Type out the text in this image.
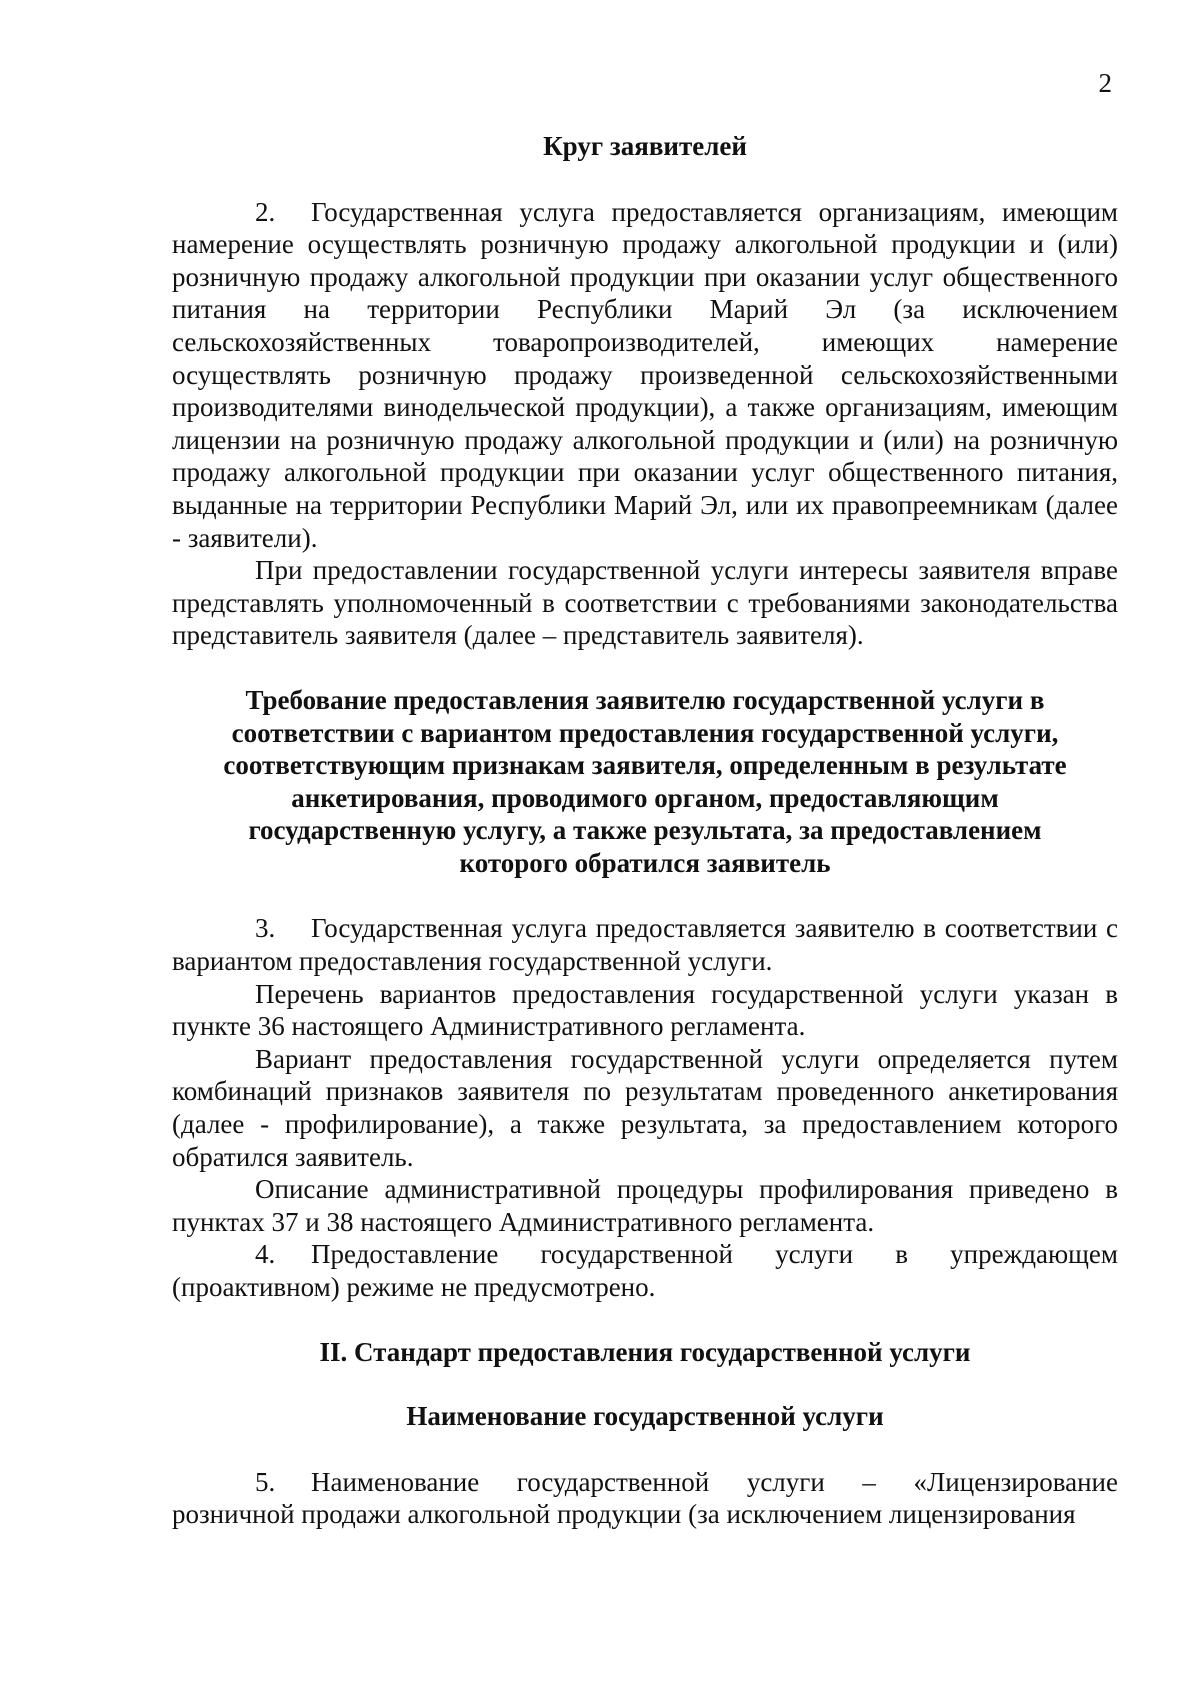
2

Круг заявителей

2. Государственная услуга предоставляется организациям, имеющим намерение осуществлять розничную продажу алкогольной продукции и (или) розничную продажу алкогольной продукции при оказании услуг общественного питания на территории Республики Марий Эл (за исключением сельскохозяйственных товаропроизводителей, имеющих намерение осуществлять розничную продажу произведенной сельскохозяйственными производителями винодельческой продукции), а также организациям, имеющим лицензии на розничную продажу алкогольной продукции и (или) на розничную продажу алкогольной продукции при оказании услуг общественного питания, выданные на территории Республики Марий Эл, или их правопреемникам (далее - заявители).

При предоставлении государственной услуги интересы заявителя вправе представлять уполномоченный в соответствии с требованиями законодательства представитель заявителя (далее – представитель заявителя).

Требование предоставления заявителю государственной услуги в соответствии с вариантом предоставления государственной услуги, соответствующим признакам заявителя, определенным в результате анкетирования, проводимого органом, предоставляющим государственную услугу, а также результата, за предоставлением которого обратился заявитель

3. Государственная услуга предоставляется заявителю в соответствии с вариантом предоставления государственной услуги.

Перечень вариантов предоставления государственной услуги указан в пункте 36 настоящего Административного регламента.

Вариант предоставления государственной услуги определяется путем комбинаций признаков заявителя по результатам проведенного анкетирования (далее - профилирование), а также результата, за предоставлением которого обратился заявитель.

Описание административной процедуры профилирования приведено в пунктах 37 и 38 настоящего Административного регламента.

4. Предоставление государственной услуги в упреждающем (проактивном) режиме не предусмотрено.

II. Стандарт предоставления государственной услуги

Наименование государственной услуги

5. Наименование государственной услуги – «Лицензирование розничной продажи алкогольной продукции (за исключением лицензирования
